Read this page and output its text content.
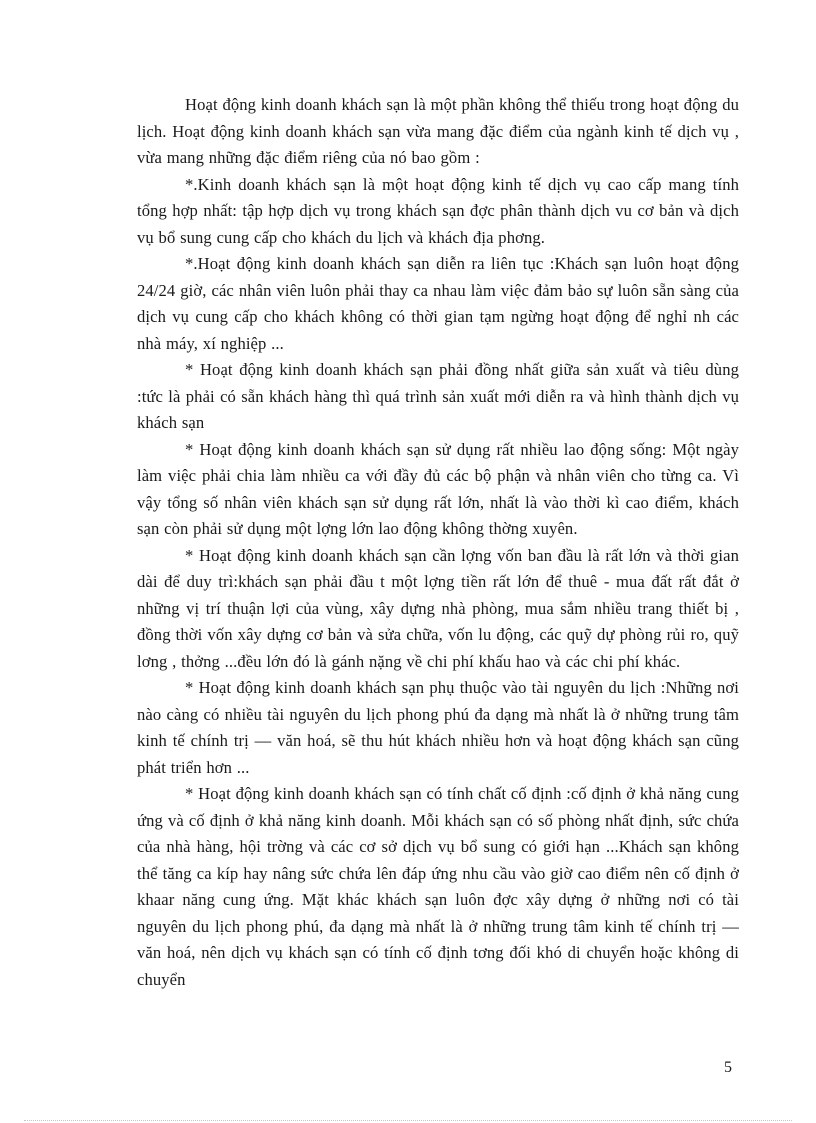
Hoạt động kinh doanh khách sạn là một phần không thể thiếu trong hoạt động du lịch. Hoạt động kinh doanh khách sạn vừa mang đặc điểm của ngành kinh tế dịch vụ , vừa mang những đặc điểm riêng của nó bao gồm :

*.Kinh doanh khách sạn là một hoạt động kinh tế dịch vụ cao cấp mang tính tổng hợp nhất: tập hợp dịch vụ trong khách sạn đợc phân thành dịch vu cơ bản và dịch vụ bổ sung cung cấp cho khách du lịch và khách địa phơng.

*.Hoạt động kinh doanh khách sạn diễn ra liên tục :Khách sạn luôn hoạt động 24/24 giờ, các nhân viên luôn phải thay ca nhau làm việc đảm bảo sự luôn sẵn sàng của dịch vụ cung cấp cho khách không có thời gian tạm ngừng hoạt động để nghỉ nh các nhà máy, xí nghiệp ...

* Hoạt động kinh doanh khách sạn phải đồng nhất giữa sản xuất và tiêu dùng :tức là phải có sẵn khách hàng thì quá trình sản xuất mới diễn ra và hình thành dịch vụ khách sạn

* Hoạt động kinh doanh khách sạn sử dụng rất nhiều lao động sống: Một ngày làm việc phải chia làm nhiều ca với đầy đủ các bộ phận và nhân viên cho từng ca. Vì vậy tổng số nhân viên khách sạn sử dụng rất lớn, nhất là vào thời kì cao điểm, khách sạn còn phải sử dụng một lợng lớn lao động không thờng xuyên.

* Hoạt động kinh doanh khách sạn cần lợng vốn ban đầu là rất lớn và thời gian dài để duy trì:khách sạn phải đầu t một lợng tiền rất lớn để thuê - mua đất rất đắt ở những vị trí thuận lợi của vùng, xây dựng nhà phòng, mua sắm nhiều trang thiết bị , đồng thời vốn xây dựng cơ bản và sửa chữa, vốn lu động, các quỹ dự phòng rủi ro, quỹ lơng , thởng ...đều lớn đó là gánh nặng về chi phí khấu hao và các chi phí khác.

* Hoạt động kinh doanh khách sạn phụ thuộc vào tài nguyên du lịch :Những nơi nào càng có nhiều tài nguyên du lịch phong phú đa dạng mà nhất là ở những trung tâm kinh tế chính trị — văn hoá, sẽ thu hút khách nhiều hơn và hoạt động khách sạn cũng phát triển hơn ...

* Hoạt động kinh doanh khách sạn có tính chất cố định :cố định ở khả năng cung ứng và cố định ở khả năng kinh doanh. Mỗi khách sạn có số phòng nhất định, sức chứa của nhà hàng, hội trờng và các cơ sở dịch vụ bổ sung có giới hạn ...Khách sạn không thể tăng ca kíp hay nâng sức chứa lên đáp ứng nhu cầu vào giờ cao điểm nên cố định ở khaar năng cung ứng. Mặt khác khách sạn luôn đợc xây dựng ở những nơi có tài nguyên du lịch phong phú, đa dạng mà nhất là ở những trung tâm kinh tế chính trị — văn hoá, nên dịch vụ khách sạn có tính cố định tơng đối khó di chuyển hoặc không di chuyển

5
